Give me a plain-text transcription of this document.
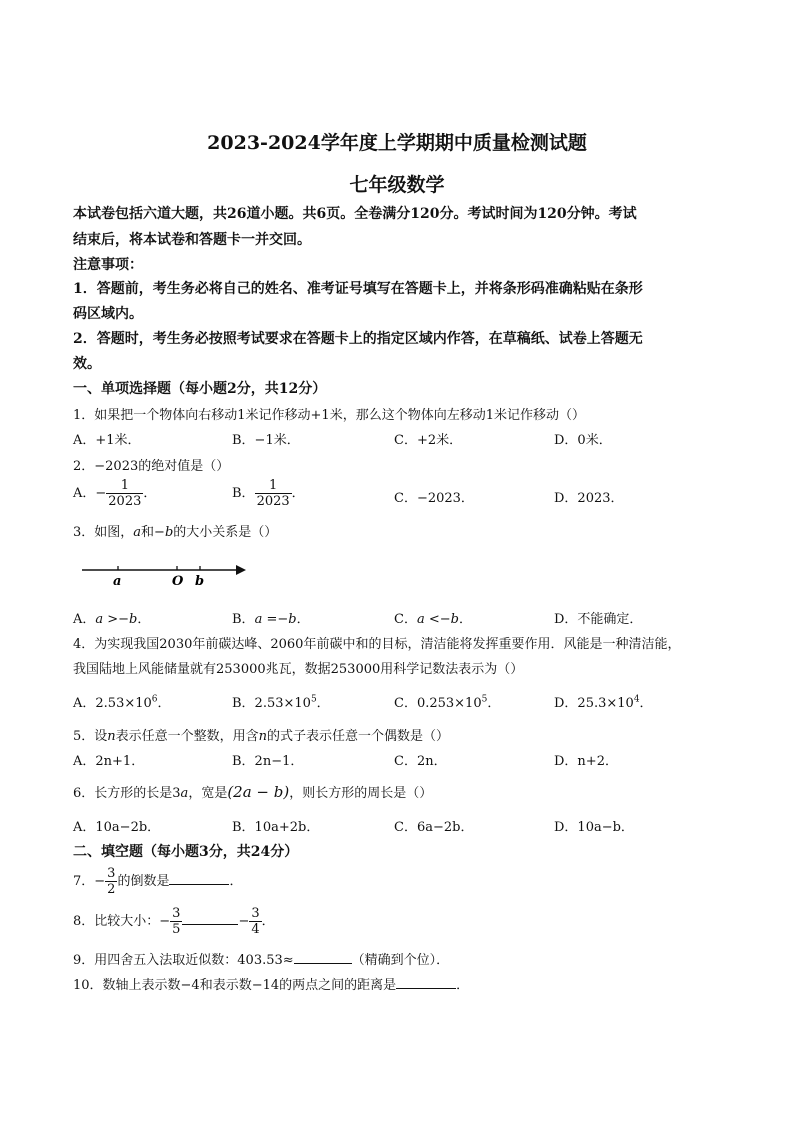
2023-2024学年度上学期期中质量检测试题
七年级数学
本试卷包括六道大题，共26道小题。共6页。全卷满分120分。考试时间为120分钟。考试
结束后，将本试卷和答题卡一并交回。
注意事项：
1．答题前，考生务必将自己的姓名、准考证号填写在答题卡上，并将条形码准确粘贴在条形
码区域内。
2．答题时，考生务必按照考试要求在答题卡上的指定区域内作答，在草稿纸、试卷上答题无
效。
一、单项选择题（每小题2分，共12分）
1．如果把一个物体向右移动1米记作移动+1米，那么这个物体向左移动1米记作移动（）
A．+1米．	B．−1米．	C．+2米．	D．0米．
2．−2023的绝对值是（）
A．− $\frac{1}{2023}$ ．	B． $\frac{1}{2023}$ ．	C．−2023．	D．2023．
3．如图，a和−b的大小关系是（）
a	O b
A．a >−b．	B．a =−b．	C．a <−b．	D．不能确定．
4．为实现我国2030年前碳达峰、2060年前碳中和的目标，清洁能将发挥重要作用．风能是一种清洁能，
我国陆地上风能储量就有253000兆瓦，数据253000用科学记数法表示为（）
A．$2.53\times 10^6$．	B．$2.53\times 10^5$．	C．$0.253\times 10^5$．	D．$25.3\times 10^4$．
5．设n表示任意一个整数，用含n的式子表示任意一个偶数是（）
A．2n+1．	B．2n−1．	C．2n．	D．n+2．
6．长方形的长是3a，宽是(2a − b)，则长方形的周长是（）
A．10a−2b．	B．10a+2b．	C．6a−2b．	D．10a−b．
二、填空题（每小题3分，共24分）
7．− $\frac{3}{2}$ 的倒数是	．
8．比较大小：− $\frac{3}{5}$	− $\frac{3}{4}$ ．
9．用四舍五入法取近似数：403.53≈	（精确到个位）．
10．数轴上表示数−4和表示数−14的两点之间的距离是	．
